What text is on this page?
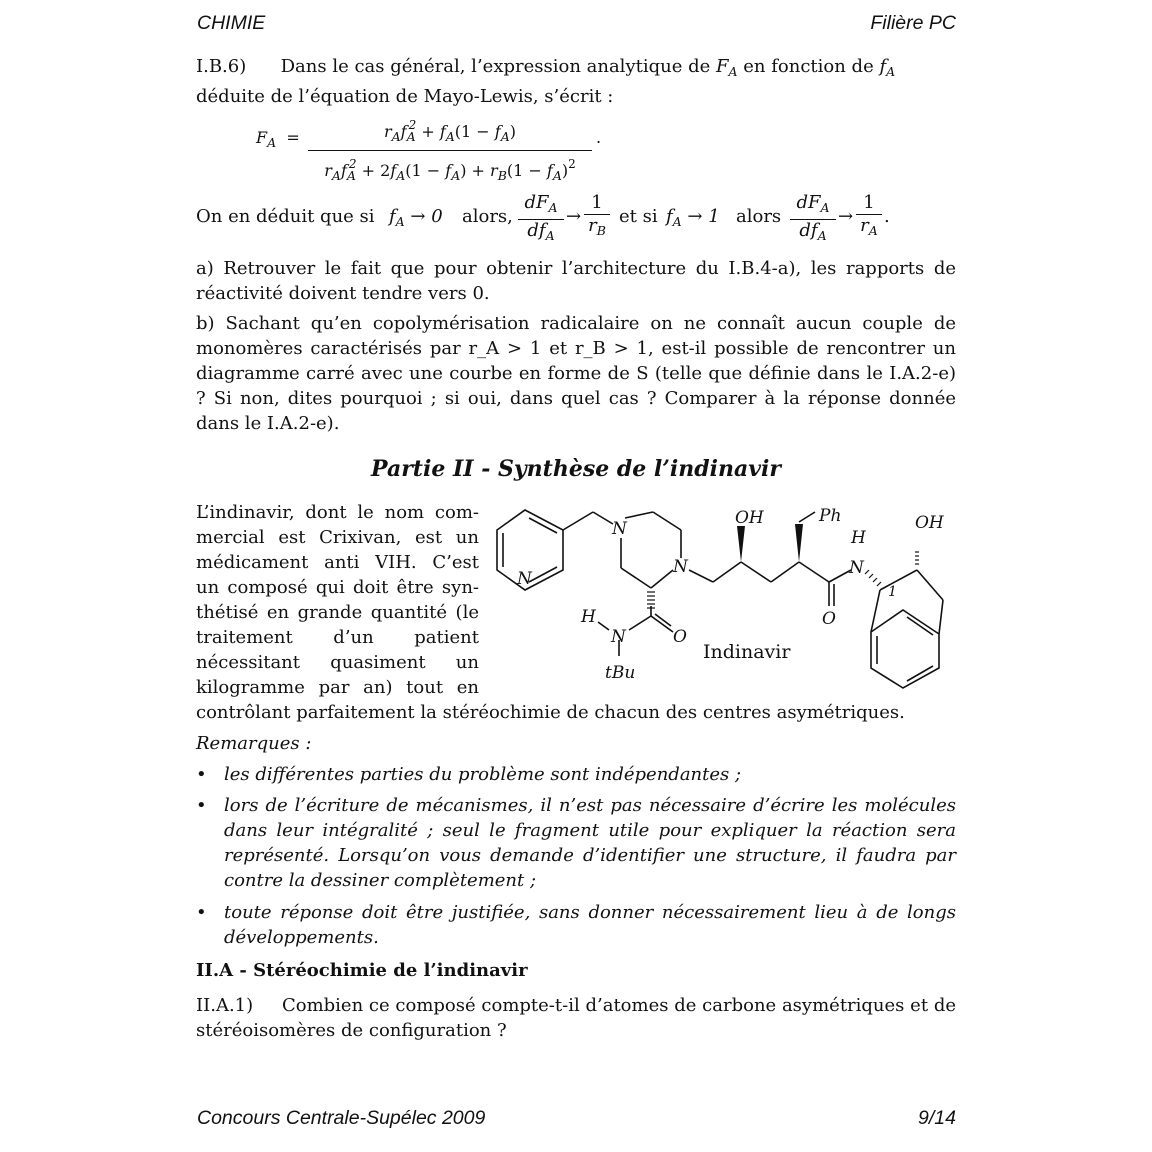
CHIMIE	Filière PC
I.B.6) Dans le cas général, l’expression analytique de $F_A$ en fonction de $f_A$
déduite de l’équation de Mayo-Lewis, s’écrit :
$F_A$  =	$r_Af_A^2 + f_A(1 - f_A)$
$r_Af_A^2 + 2f_A(1 - f_A) + r_B(1 - f_A)^2$
.
On en déduit que si $f_A \to 0$ alors,
$dF_A$
$df_A$
→
1
$r_B$
et si $f_A \to 1$ alors
$dF_A$
$df_A$
→
1
$r_A$
.
a) Retrouver le fait que pour obtenir l’architecture du I.B.4-a), les rapports de réactivité doivent tendre vers 0.
b) Sachant qu’en copolymérisation radicalaire on ne connaît aucun couple de monomères caractérisés par r_A > 1 et r_B > 1, est-il possible de rencontrer un diagramme carré avec une courbe en forme de S (telle que définie dans le I.A.2-e) ? Si non, dites pourquoi ; si oui, dans quel cas ? Comparer à la réponse donnée dans le I.A.2-e).
Partie II - Synthèse de l’indinavir
L’indinavir, dont le nom com-
mercial est Crixivan, est un
médicament anti VIH. C’est
un composé qui doit être syn-
thétisé en grande quantité (le
traitement d’un patient
nécessitant quasiment un
kilogramme par an) tout en
contrôlant parfaitement la stéréochimie de chacun des centres asymétriques.
N
N
N
OH	Ph
H
N
OH
O
1
H
N	O
tBu
Indinavir
Remarques :
• les différentes parties du problème sont indépendantes ;
• lors de l’écriture de mécanismes, il n’est pas nécessaire d’écrire les molécules dans leur intégralité ; seul le fragment utile pour expliquer la réaction sera représenté. Lorsqu’on vous demande d’identifier une structure, il faudra par contre la dessiner complètement ;
• toute réponse doit être justifiée, sans donner nécessairement lieu à de longs développements.
II.A - Stéréochimie de l’indinavir
II.A.1) Combien ce composé compte-t-il d’atomes de carbone asymétriques et de stéréoisomères de configuration ?
Concours Centrale-Supélec 2009	9/14
